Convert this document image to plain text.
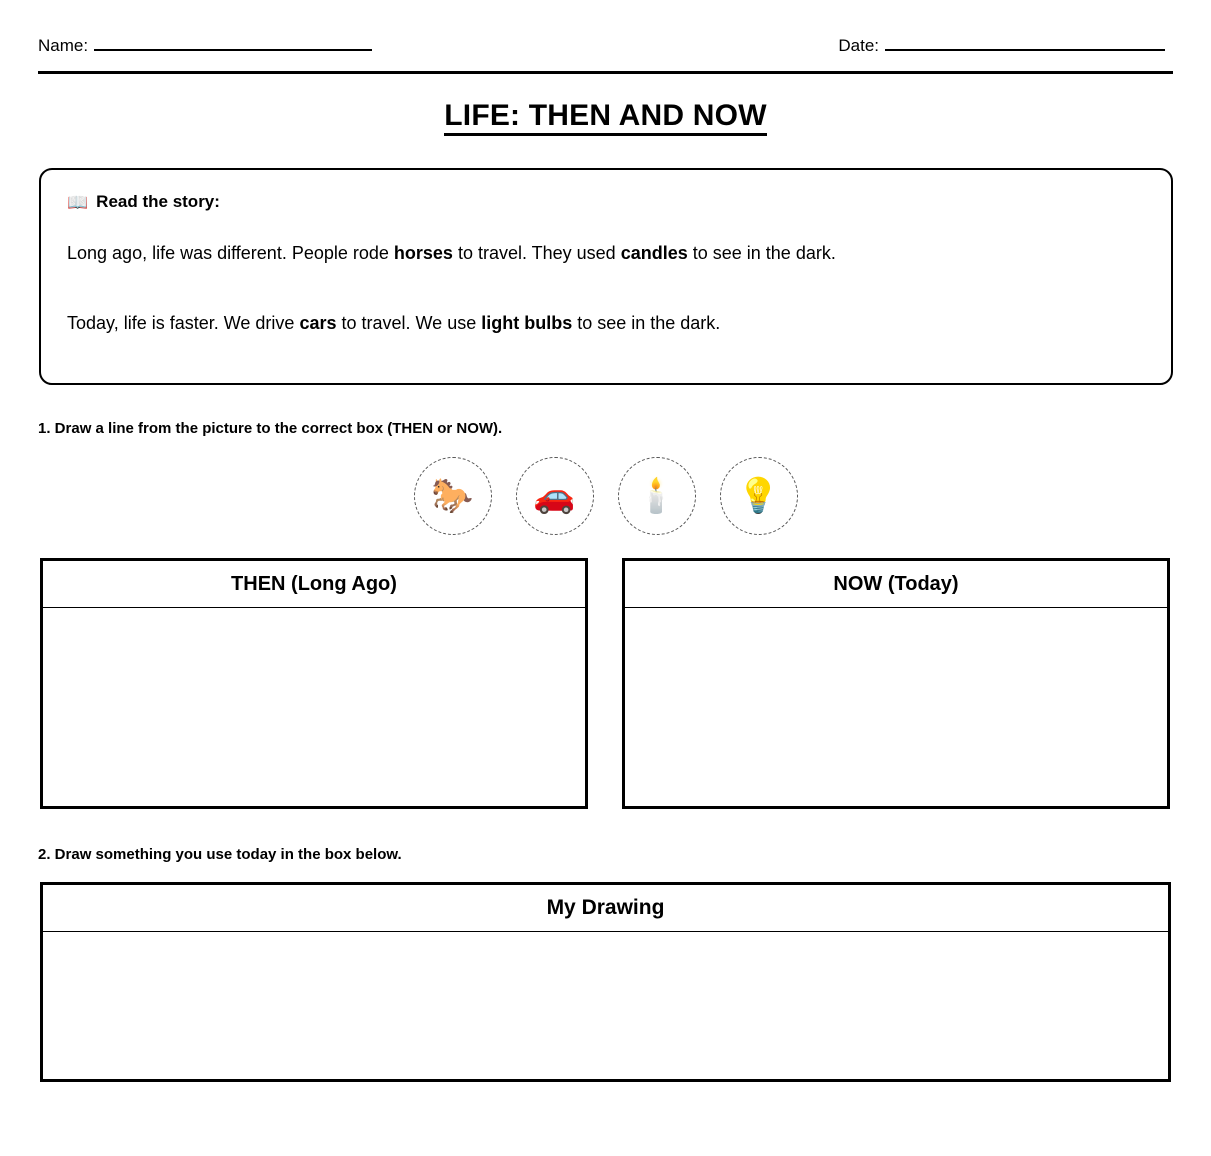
Name:	Date:
LIFE: THEN AND NOW
📖 Read the story:

Long ago, life was different. People rode horses to travel. They used candles to see in the dark.

Today, life is faster. We drive cars to travel. We use light bulbs to see in the dark.

1. Draw a line from the picture to the correct box (THEN or NOW).
🐎 🚗 🕯️ 💡
THEN (Long Ago)	NOW (Today)
2. Draw something you use today in the box below.
My Drawing
